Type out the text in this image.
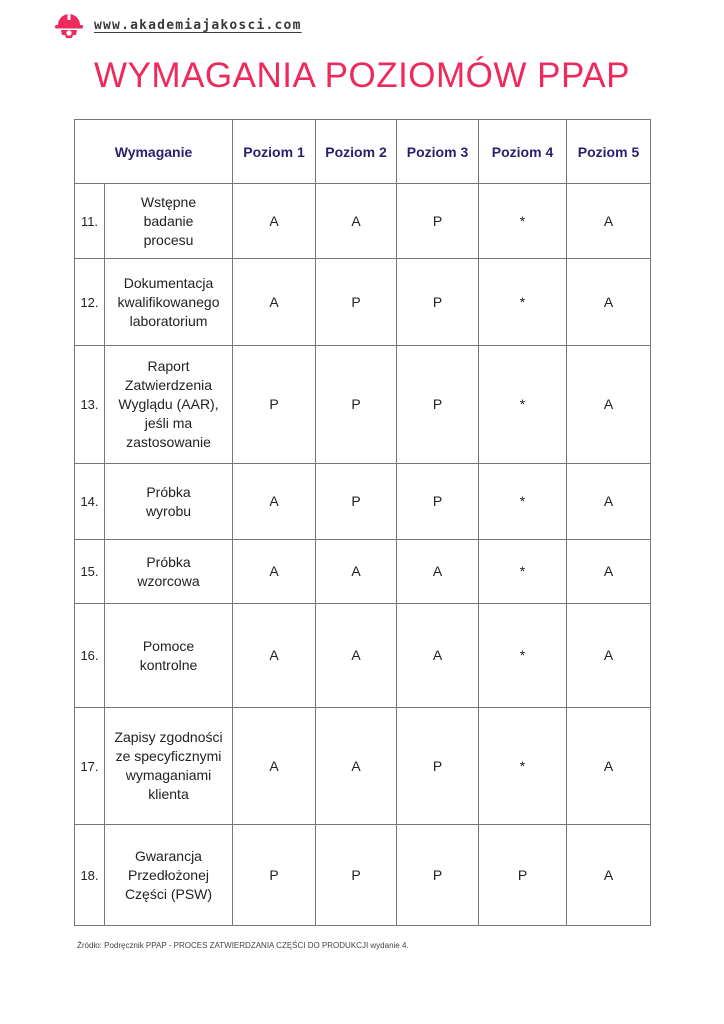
www.akademiajakosci.com
WYMAGANIA POZIOMÓW PPAP
Wymaganie		Poziom 1	Poziom 2	Poziom 3	Poziom 4	Poziom 5
11.	Wstępne badanie procesu	A	A	P	*	A
12.	Dokumentacja kwalifikowanego laboratorium	A	P	P	*	A
13.	Raport Zatwierdzenia Wyglądu (AAR), jeśli ma zastosowanie	P	P	P	*	A
14.	Próbka wyrobu	A	P	P	*	A
15.	Próbka wzorcowa	A	A	A	*	A
16.	Pomoce kontrolne	A	A	A	*	A
17.	Zapisy zgodności ze specyficznymi wymaganiami klienta	A	A	P	*	A
18.	Gwarancja Przedłożonej Części (PSW)	P	P	P	P	A
Źródło: Podręcznik PPAP - PROCES ZATWIERDZANIA CZĘŚCI DO PRODUKCJI wydanie 4.
